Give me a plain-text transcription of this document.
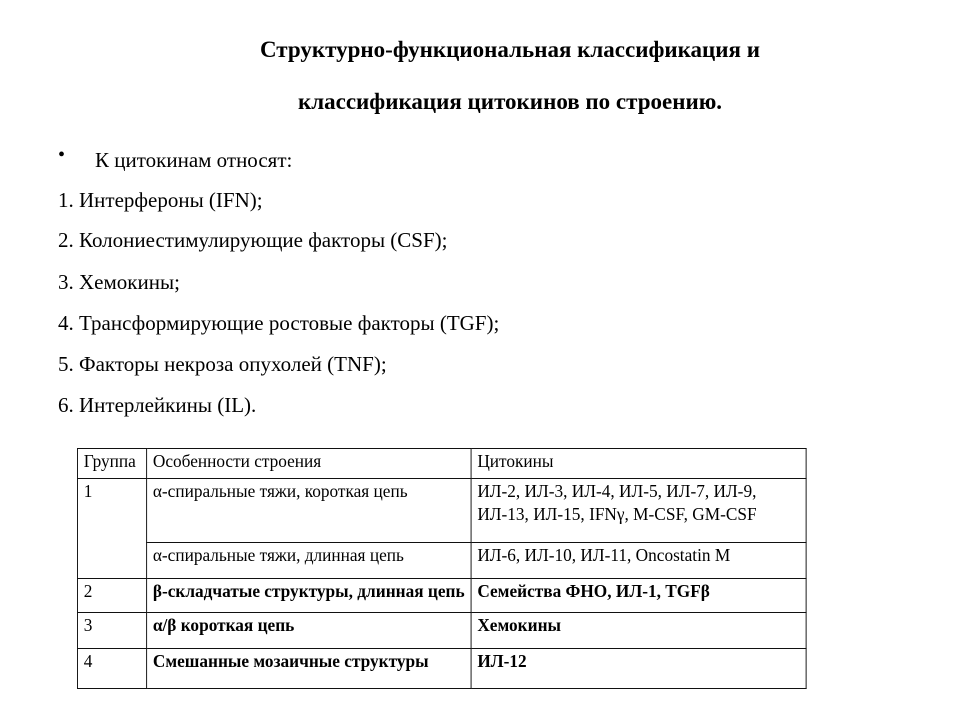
Структурно-функциональная классификация и
классификация цитокинов по строению.
• К цитокинам относят:
1. Интерфероны (IFN);
2. Колониестимулирующие факторы (CSF);
3. Хемокины;
4. Трансформирующие ростовые факторы (TGF);
5. Факторы некроза опухолей (TNF);
6. Интерлейкины (IL).
Группа	Особенности строения	Цитокины
1	α-спиральные тяжи, короткая цепь	ИЛ-2, ИЛ-3, ИЛ-4, ИЛ-5, ИЛ-7, ИЛ-9,
ИЛ-13, ИЛ-15, IFNγ, M-CSF, GM-CSF

	α-спиральные тяжи, длинная цепь	ИЛ-6, ИЛ-10, ИЛ-11, Oncostatin M
2	β-складчатые структуры, длинная цепь	Семейства ФНО, ИЛ-1, TGFβ
3	α/β короткая цепь	Хемокины
4	Смешанные мозаичные структуры	ИЛ-12
